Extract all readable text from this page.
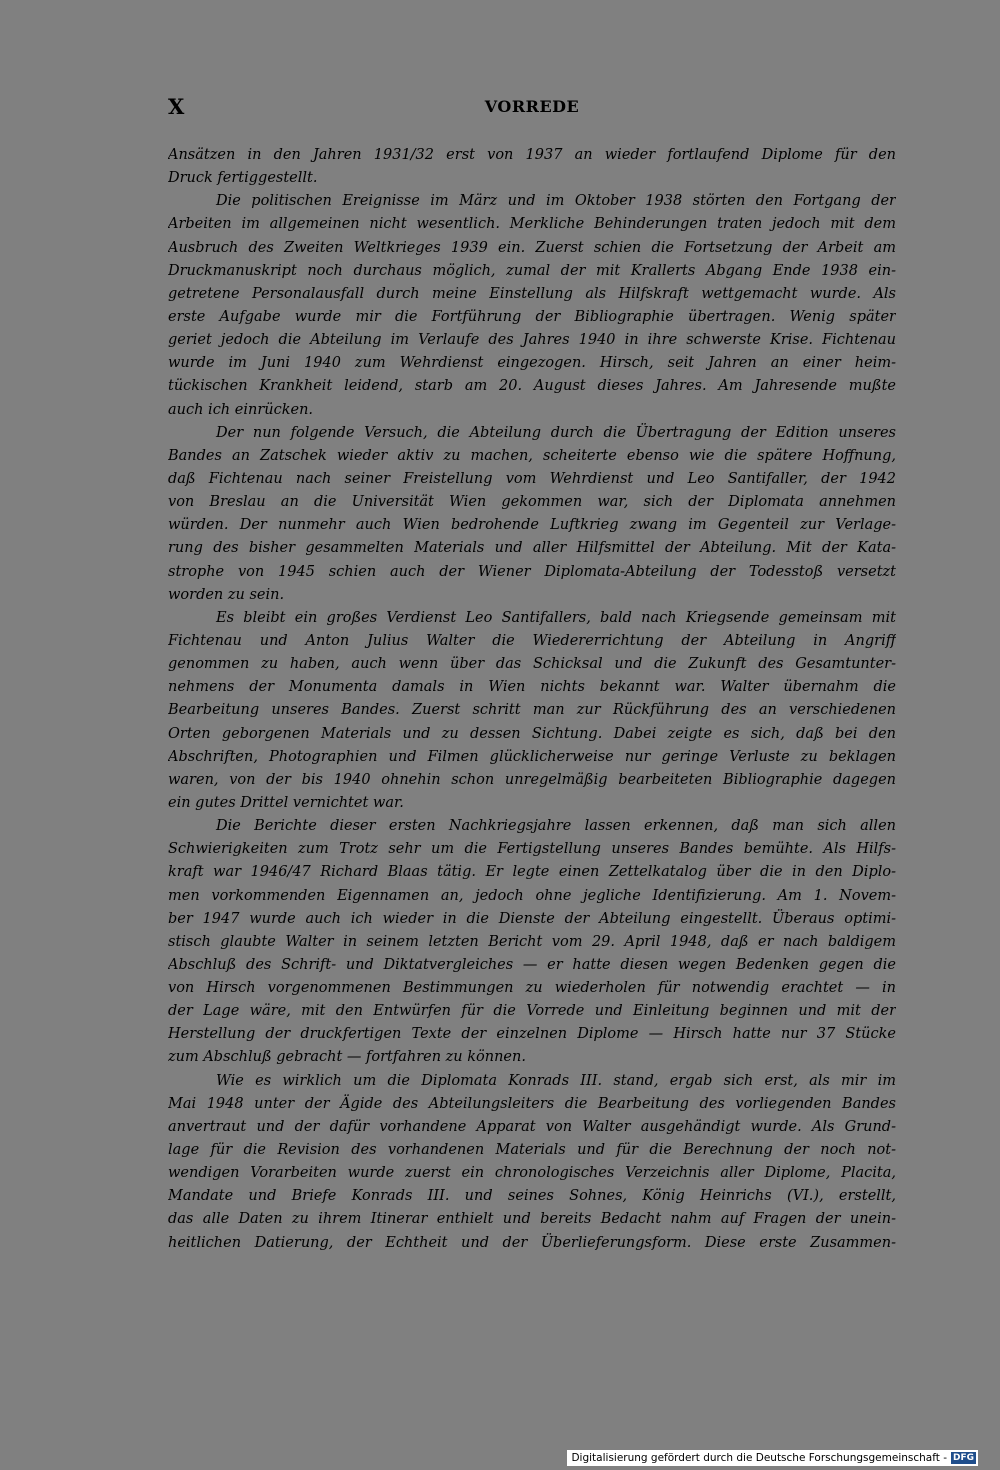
X	VORREDE
Ansätzen in den Jahren 1931/32 erst von 1937 an wieder fortlaufend Diplome für den
Druck fertiggestellt.
Die politischen Ereignisse im März und im Oktober 1938 störten den Fortgang der
Arbeiten im allgemeinen nicht wesentlich. Merkliche Behinderungen traten jedoch mit dem
Ausbruch des Zweiten Weltkrieges 1939 ein. Zuerst schien die Fortsetzung der Arbeit am
Druckmanuskript noch durchaus möglich, zumal der mit Krallerts Abgang Ende 1938 ein-
getretene Personalausfall durch meine Einstellung als Hilfskraft wettgemacht wurde. Als
erste Aufgabe wurde mir die Fortführung der Bibliographie übertragen. Wenig später
geriet jedoch die Abteilung im Verlaufe des Jahres 1940 in ihre schwerste Krise. Fichtenau
wurde im Juni 1940 zum Wehrdienst eingezogen. Hirsch, seit Jahren an einer heim-
tückischen Krankheit leidend, starb am 20. August dieses Jahres. Am Jahresende mußte
auch ich einrücken.
Der nun folgende Versuch, die Abteilung durch die Übertragung der Edition unseres
Bandes an Zatschek wieder aktiv zu machen, scheiterte ebenso wie die spätere Hoffnung,
daß Fichtenau nach seiner Freistellung vom Wehrdienst und Leo Santifaller, der 1942
von Breslau an die Universität Wien gekommen war, sich der Diplomata annehmen
würden. Der nunmehr auch Wien bedrohende Luftkrieg zwang im Gegenteil zur Verlage-
rung des bisher gesammelten Materials und aller Hilfsmittel der Abteilung. Mit der Kata-
strophe von 1945 schien auch der Wiener Diplomata-Abteilung der Todesstoß versetzt
worden zu sein.
Es bleibt ein großes Verdienst Leo Santifallers, bald nach Kriegsende gemeinsam mit
Fichtenau und Anton Julius Walter die Wiedererrichtung der Abteilung in Angriff
genommen zu haben, auch wenn über das Schicksal und die Zukunft des Gesamtunter-
nehmens der Monumenta damals in Wien nichts bekannt war. Walter übernahm die
Bearbeitung unseres Bandes. Zuerst schritt man zur Rückführung des an verschiedenen
Orten geborgenen Materials und zu dessen Sichtung. Dabei zeigte es sich, daß bei den
Abschriften, Photographien und Filmen glücklicherweise nur geringe Verluste zu beklagen
waren, von der bis 1940 ohnehin schon unregelmäßig bearbeiteten Bibliographie dagegen
ein gutes Drittel vernichtet war.
Die Berichte dieser ersten Nachkriegsjahre lassen erkennen, daß man sich allen
Schwierigkeiten zum Trotz sehr um die Fertigstellung unseres Bandes bemühte. Als Hilfs-
kraft war 1946/47 Richard Blaas tätig. Er legte einen Zettelkatalog über die in den Diplo-
men vorkommenden Eigennamen an, jedoch ohne jegliche Identifizierung. Am 1. Novem-
ber 1947 wurde auch ich wieder in die Dienste der Abteilung eingestellt. Überaus optimi-
stisch glaubte Walter in seinem letzten Bericht vom 29. April 1948, daß er nach baldigem
Abschluß des Schrift- und Diktatvergleiches — er hatte diesen wegen Bedenken gegen die
von Hirsch vorgenommenen Bestimmungen zu wiederholen für notwendig erachtet — in
der Lage wäre, mit den Entwürfen für die Vorrede und Einleitung beginnen und mit der
Herstellung der druckfertigen Texte der einzelnen Diplome — Hirsch hatte nur 37 Stücke
zum Abschluß gebracht — fortfahren zu können.
Wie es wirklich um die Diplomata Konrads III. stand, ergab sich erst, als mir im
Mai 1948 unter der Ägide des Abteilungsleiters die Bearbeitung des vorliegenden Bandes
anvertraut und der dafür vorhandene Apparat von Walter ausgehändigt wurde. Als Grund-
lage für die Revision des vorhandenen Materials und für die Berechnung der noch not-
wendigen Vorarbeiten wurde zuerst ein chronologisches Verzeichnis aller Diplome, Placita,
Mandate und Briefe Konrads III. und seines Sohnes, König Heinrichs (VI.), erstellt,
das alle Daten zu ihrem Itinerar enthielt und bereits Bedacht nahm auf Fragen der unein-
heitlichen Datierung, der Echtheit und der Überlieferungsform. Diese erste Zusammen-
Digitalisierung gefördert durch die Deutsche Forschungsgemeinschaft - DFG
